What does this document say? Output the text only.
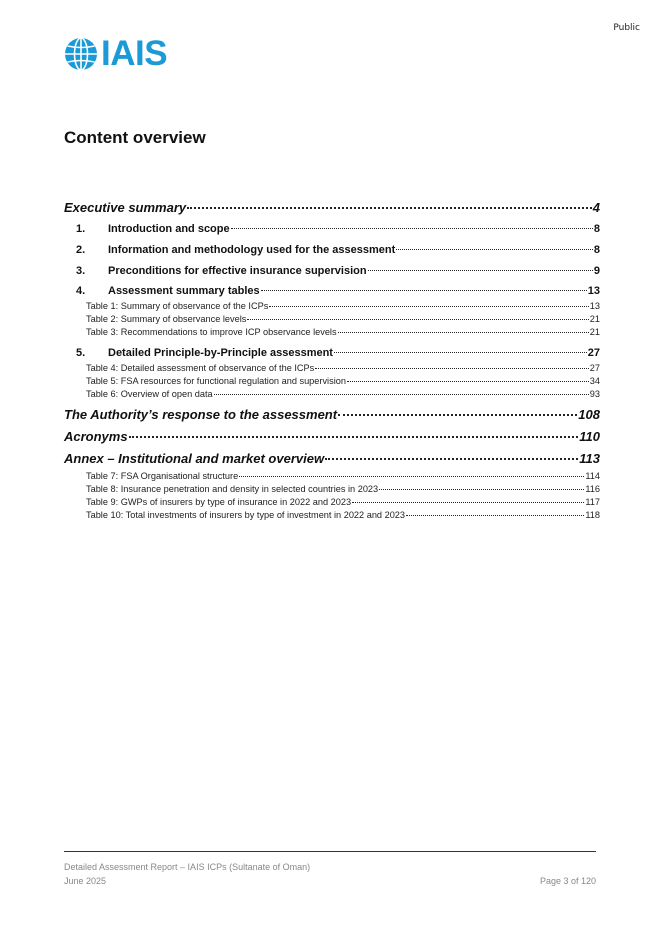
Public
IAIS
Content overview
Executive summary	4
1.	Introduction and scope	8
2.	Information and methodology used for the assessment	8
3.	Preconditions for effective insurance supervision	9
4.	Assessment summary tables	13
Table 1: Summary of observance of the ICPs	13
Table 2: Summary of observance levels	21
Table 3: Recommendations to improve ICP observance levels	21
5.	Detailed Principle-by-Principle assessment	27
Table 4: Detailed assessment of observance of the ICPs	27
Table 5: FSA resources for functional regulation and supervision	34
Table 6: Overview of open data	93
The Authority’s response to the assessment	108
Acronyms	110
Annex – Institutional and market overview	113
Table 7: FSA Organisational structure	114
Table 8: Insurance penetration and density in selected countries in 2023	116
Table 9: GWPs of insurers by type of insurance in 2022 and 2023	117
Table 10: Total investments of insurers by type of investment in 2022 and 2023	118
Detailed Assessment Report – IAIS ICPs (Sultanate of Oman)
June 2025	Page 3 of 120
